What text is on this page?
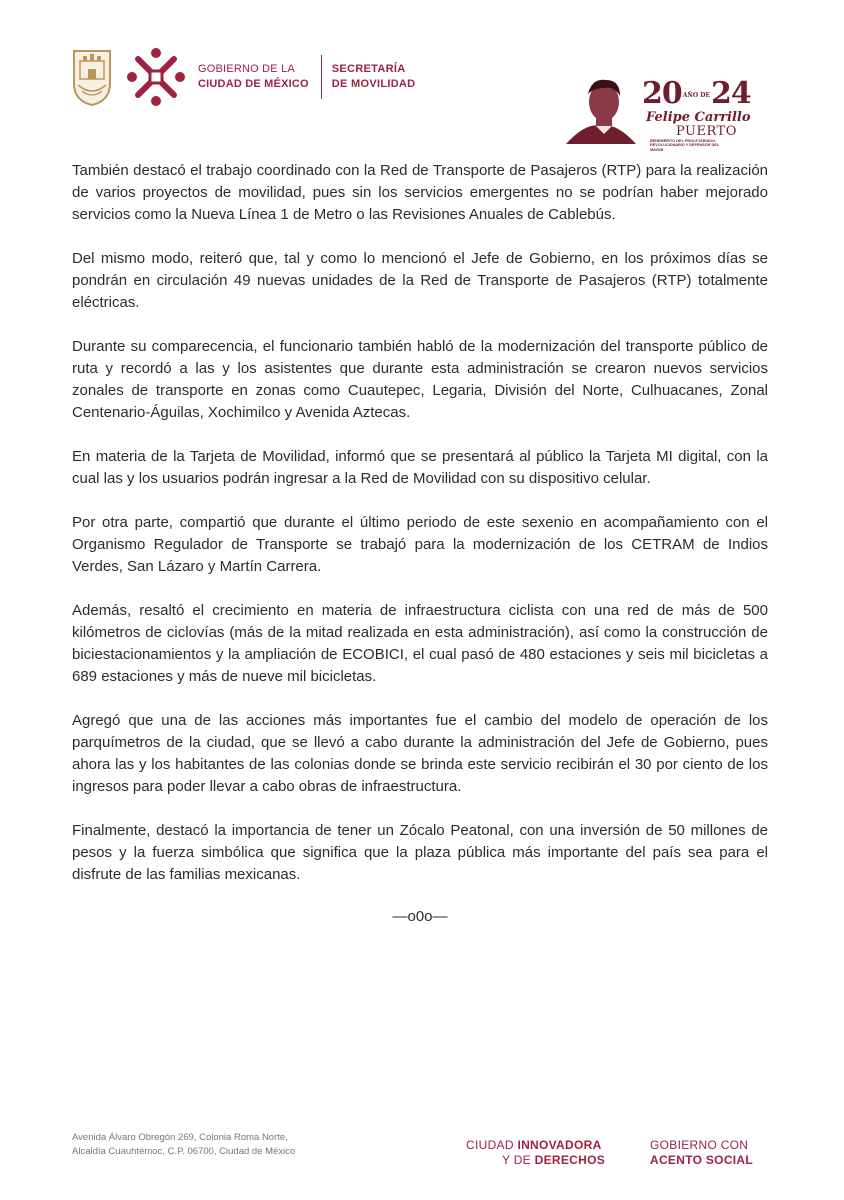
GOBIERNO DE LA
CIUDAD DE MÉXICO
SECRETARÍA
DE MOVILIDAD	20AÑO DE24
Felipe Carrillo
PUERTO
BENEMÉRITO DEL PROLETARIADO, REVOLUCIONARIO Y DEFENSOR DEL MAYAB

También destacó el trabajo coordinado con la Red de Transporte de Pasajeros (RTP) para la realización de varios proyectos de movilidad, pues sin los servicios emergentes no se podrían haber mejorado servicios como la Nueva Línea 1 de Metro o las Revisiones Anuales de Cablebús.

Del mismo modo, reiteró que, tal y como lo mencionó el Jefe de Gobierno, en los próximos días se pondrán en circulación 49 nuevas unidades de la Red de Transporte de Pasajeros (RTP) totalmente eléctricas.

Durante su comparecencia, el funcionario también habló de la modernización del transporte público de ruta y recordó a las y los asistentes que durante esta administración se crearon nuevos servicios zonales de transporte en zonas como Cuautepec, Legaria, División del Norte, Culhuacanes, Zonal Centenario-Águilas, Xochimilco y Avenida Aztecas.

En materia de la Tarjeta de Movilidad, informó que se presentará al público la Tarjeta MI digital, con la cual las y los usuarios podrán ingresar a la Red de Movilidad con su dispositivo celular.

Por otra parte, compartió que durante el último periodo de este sexenio en acompañamiento con el Organismo Regulador de Transporte se trabajó para la modernización de los CETRAM de Indios Verdes, San Lázaro y Martín Carrera.

Además, resaltó el crecimiento en materia de infraestructura ciclista con una red de más de 500 kilómetros de ciclovías (más de la mitad realizada en esta administración), así como la construcción de biciestacionamientos y la ampliación de ECOBICI, el cual pasó de 480 estaciones y seis mil bicicletas a 689 estaciones y más de nueve mil bicicletas.

Agregó que una de las acciones más importantes fue el cambio del modelo de operación de los parquímetros de la ciudad, que se llevó a cabo durante la administración del Jefe de Gobierno, pues ahora las y los habitantes de las colonias donde se brinda este servicio recibirán el 30 por ciento de los ingresos para poder llevar a cabo obras de infraestructura.

Finalmente, destacó la importancia de tener un Zócalo Peatonal, con una inversión de 50 millones de pesos y la fuerza simbólica que significa que la plaza pública más importante del país sea para el disfrute de las familias mexicanas.

—o0o—
Avenida Álvaro Obregón 269, Colonia Roma Norte,
Alcaldía Cuauhtémoc, C.P. 06700, Ciudad de México	CIUDAD INNOVADORA
Y DE DERECHOS
GOBIERNO CON
ACENTO SOCIAL
